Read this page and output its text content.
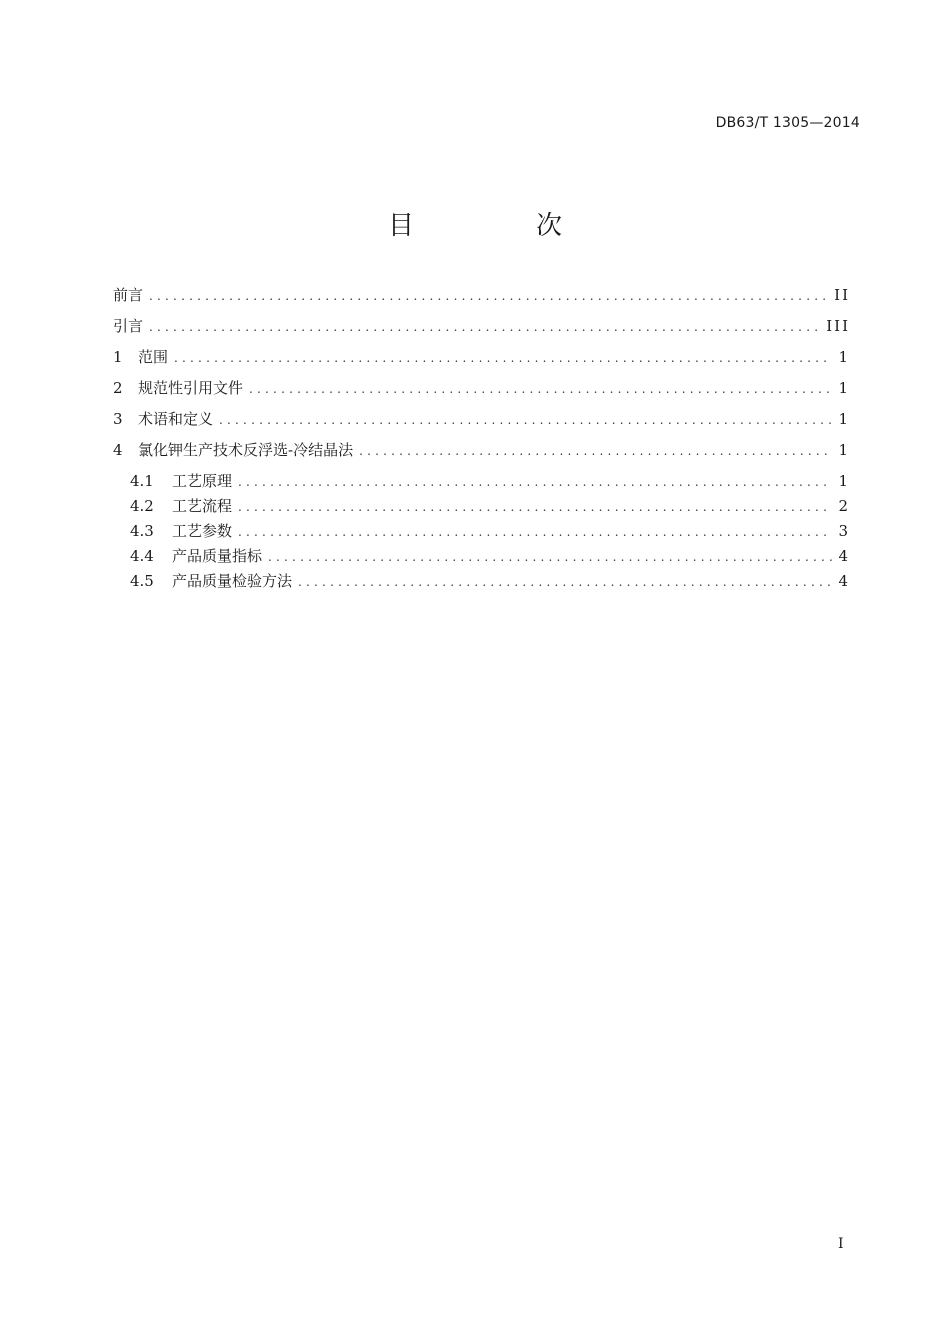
DB63/T 1305—2014
目　次
前言 .....	II
引言 .....	III
1	范围 .....	1
2	规范性引用文件 .....	1
3	术语和定义 .....	1
4	氯化钾生产技术反浮选-冷结晶法 .....	1
4.1	工艺原理 .....	1
4.2	工艺流程 .....	2
4.3	工艺参数 .....	3
4.4	产品质量指标 .....	4
4.5	产品质量检验方法 .....	4
I
